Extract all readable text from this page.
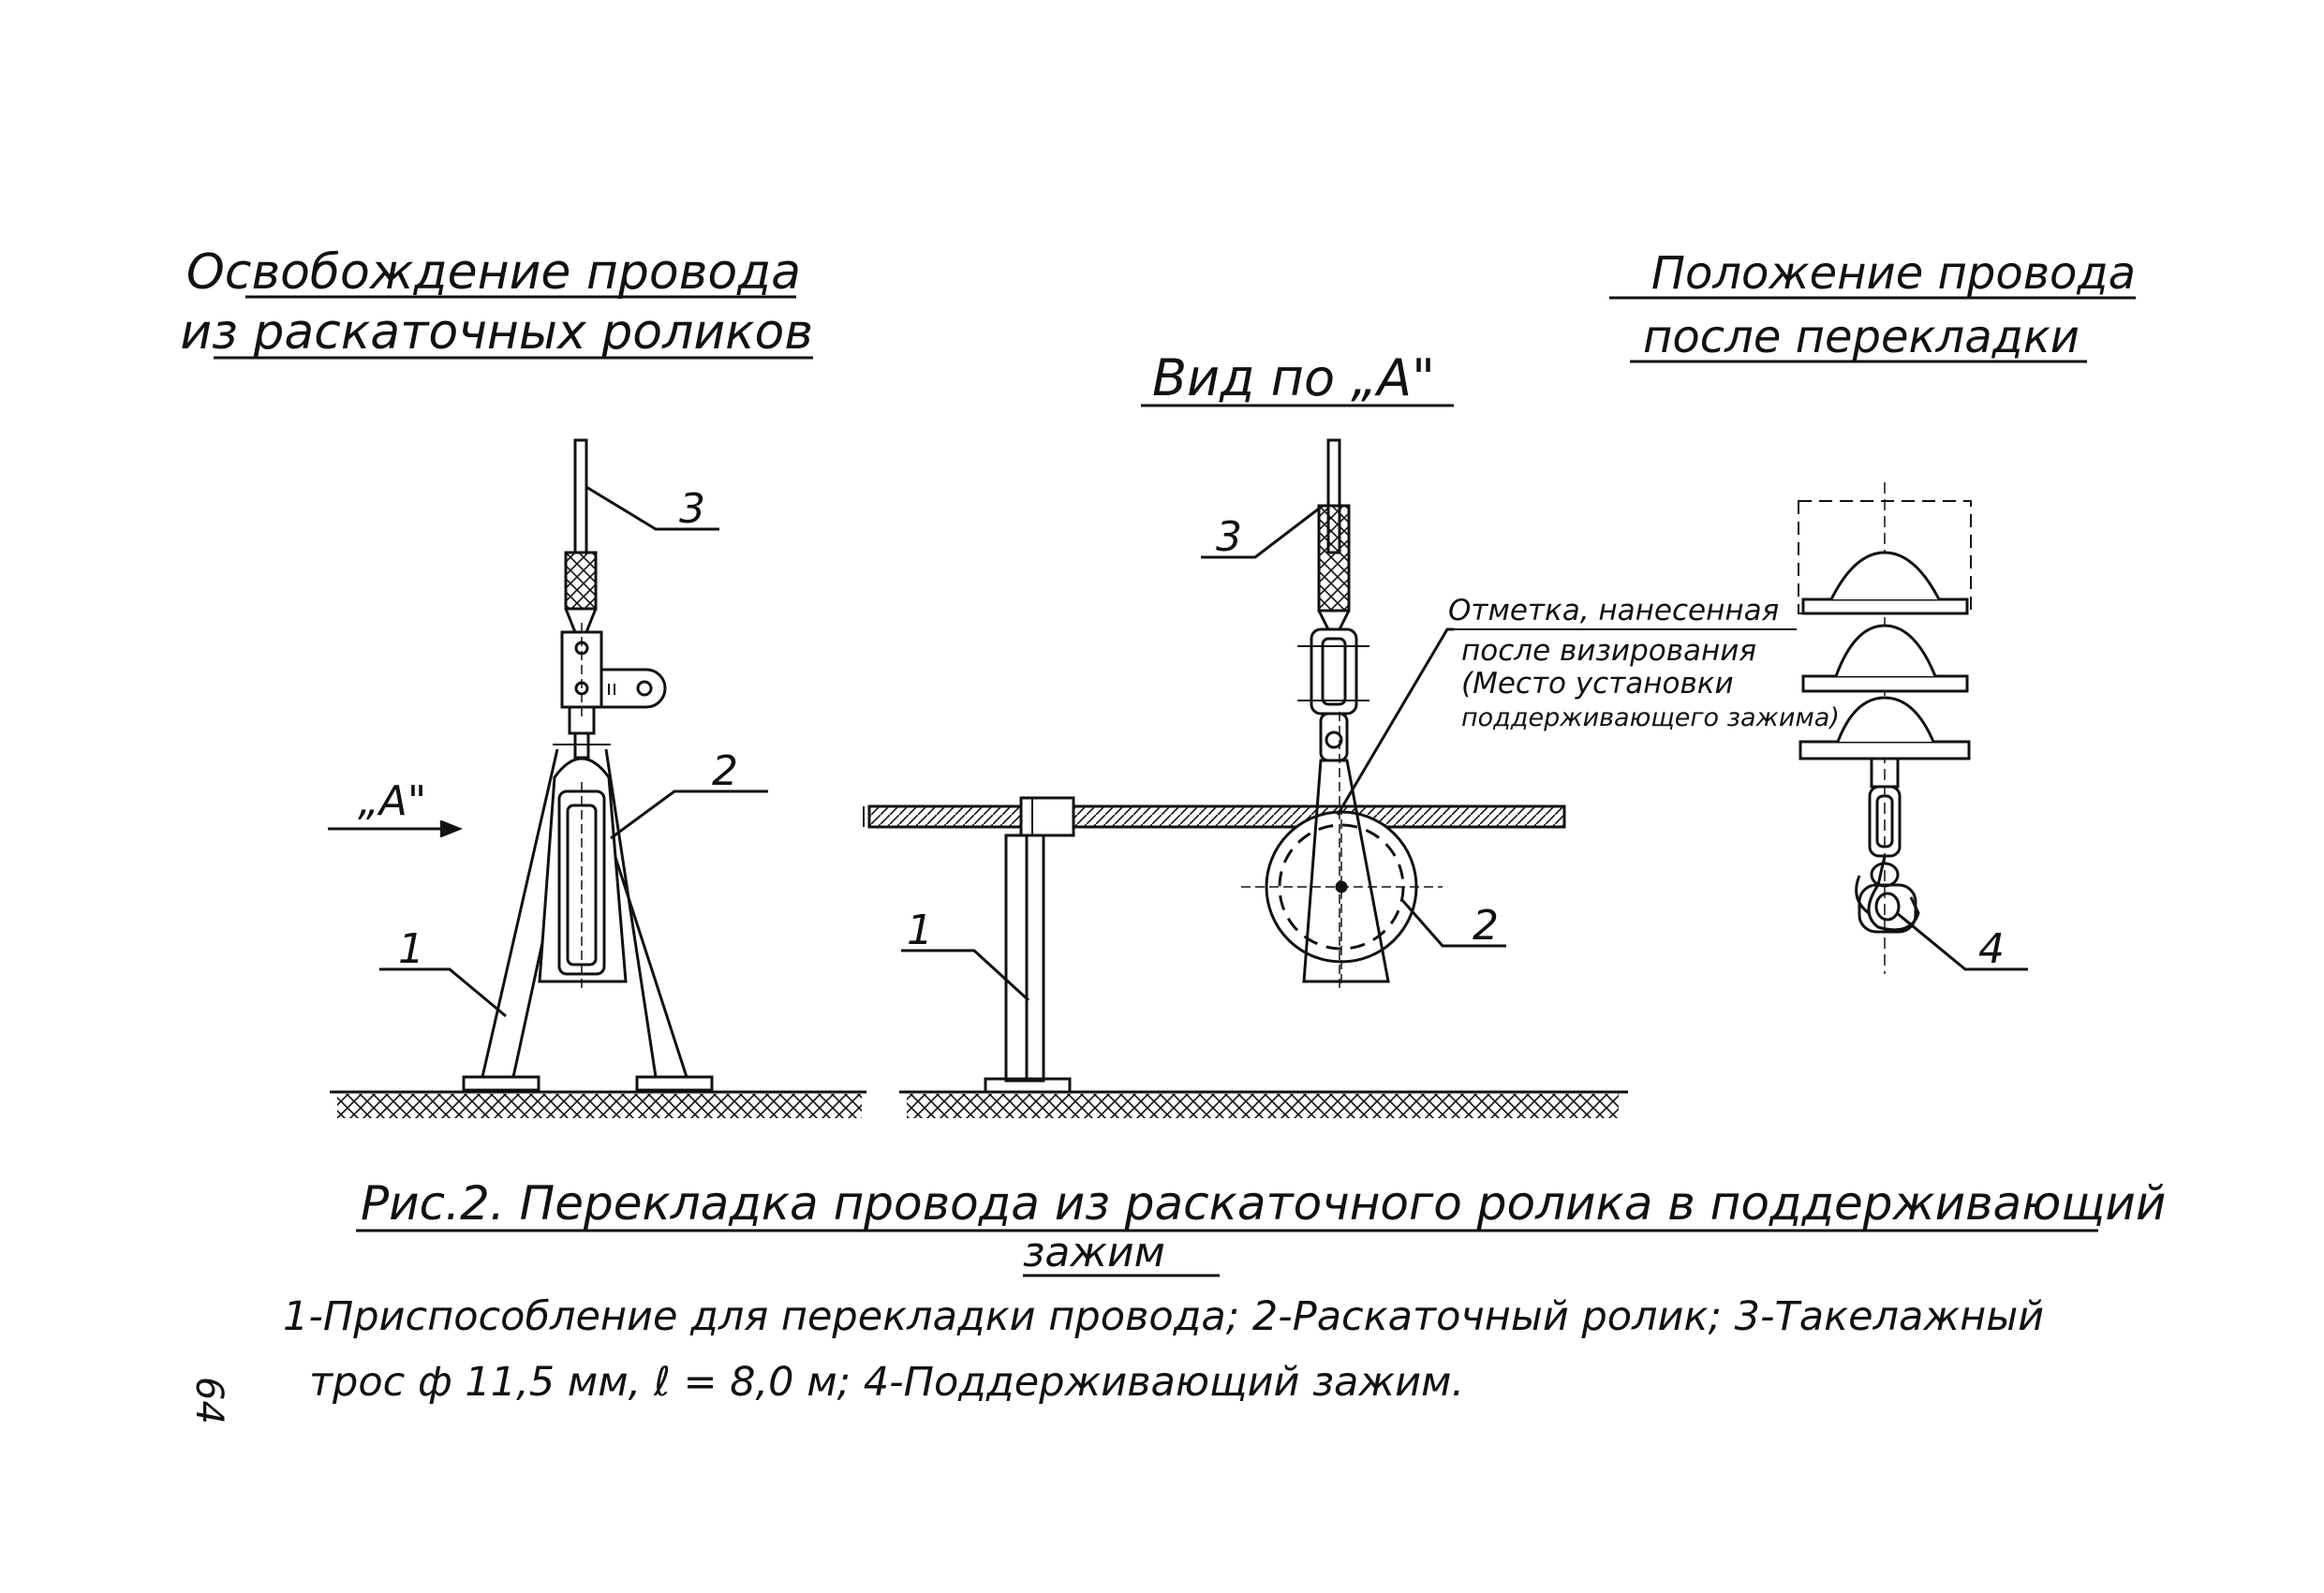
Освобождение провода
из раскаточных роликов
Вид по „А"
Положение провода
после перекладки
3
2
1
„А"
3
2
1
Отметка, нанесенная
после визирования
(Место установки
поддерживающего зажима)
4
Рис.2. Перекладка провода из раскаточного ролика в поддерживающий
зажим
1-Приспособление для перекладки провода; 2-Раскаточный ролик; 3-Такелажный
трос ф 11,5 мм, ℓ = 8,0 м; 4-Поддерживающий зажим.
64
